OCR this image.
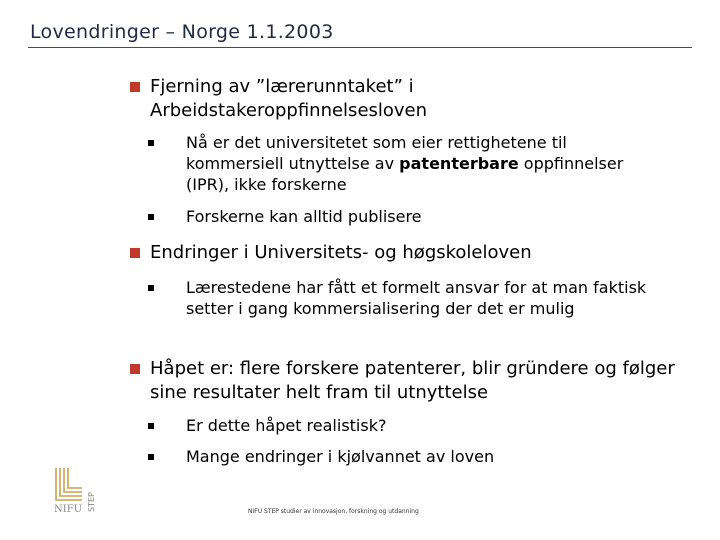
Lovendringer – Norge 1.1.2003
Fjerning av ”lærerunntaket” i Arbeidstakeroppfinnelsesloven
Nå er det universitetet som eier rettighetene til kommersiell utnyttelse av patenterbare oppfinnelser (IPR), ikke forskerne
Forskerne kan alltid publisere
Endringer i Universitets- og høgskoleloven
Lærestedene har fått et formelt ansvar for at man faktisk setter i gang kommersialisering der det er mulig
Håpet er: flere forskere patenterer, blir gründere og følger sine resultater helt fram til utnyttelse
Er dette håpet realistisk?
Mange endringer i kjølvannet av loven
NIFU STEP	NIFU STEP studier av innovasjon, forskning og utdanning
